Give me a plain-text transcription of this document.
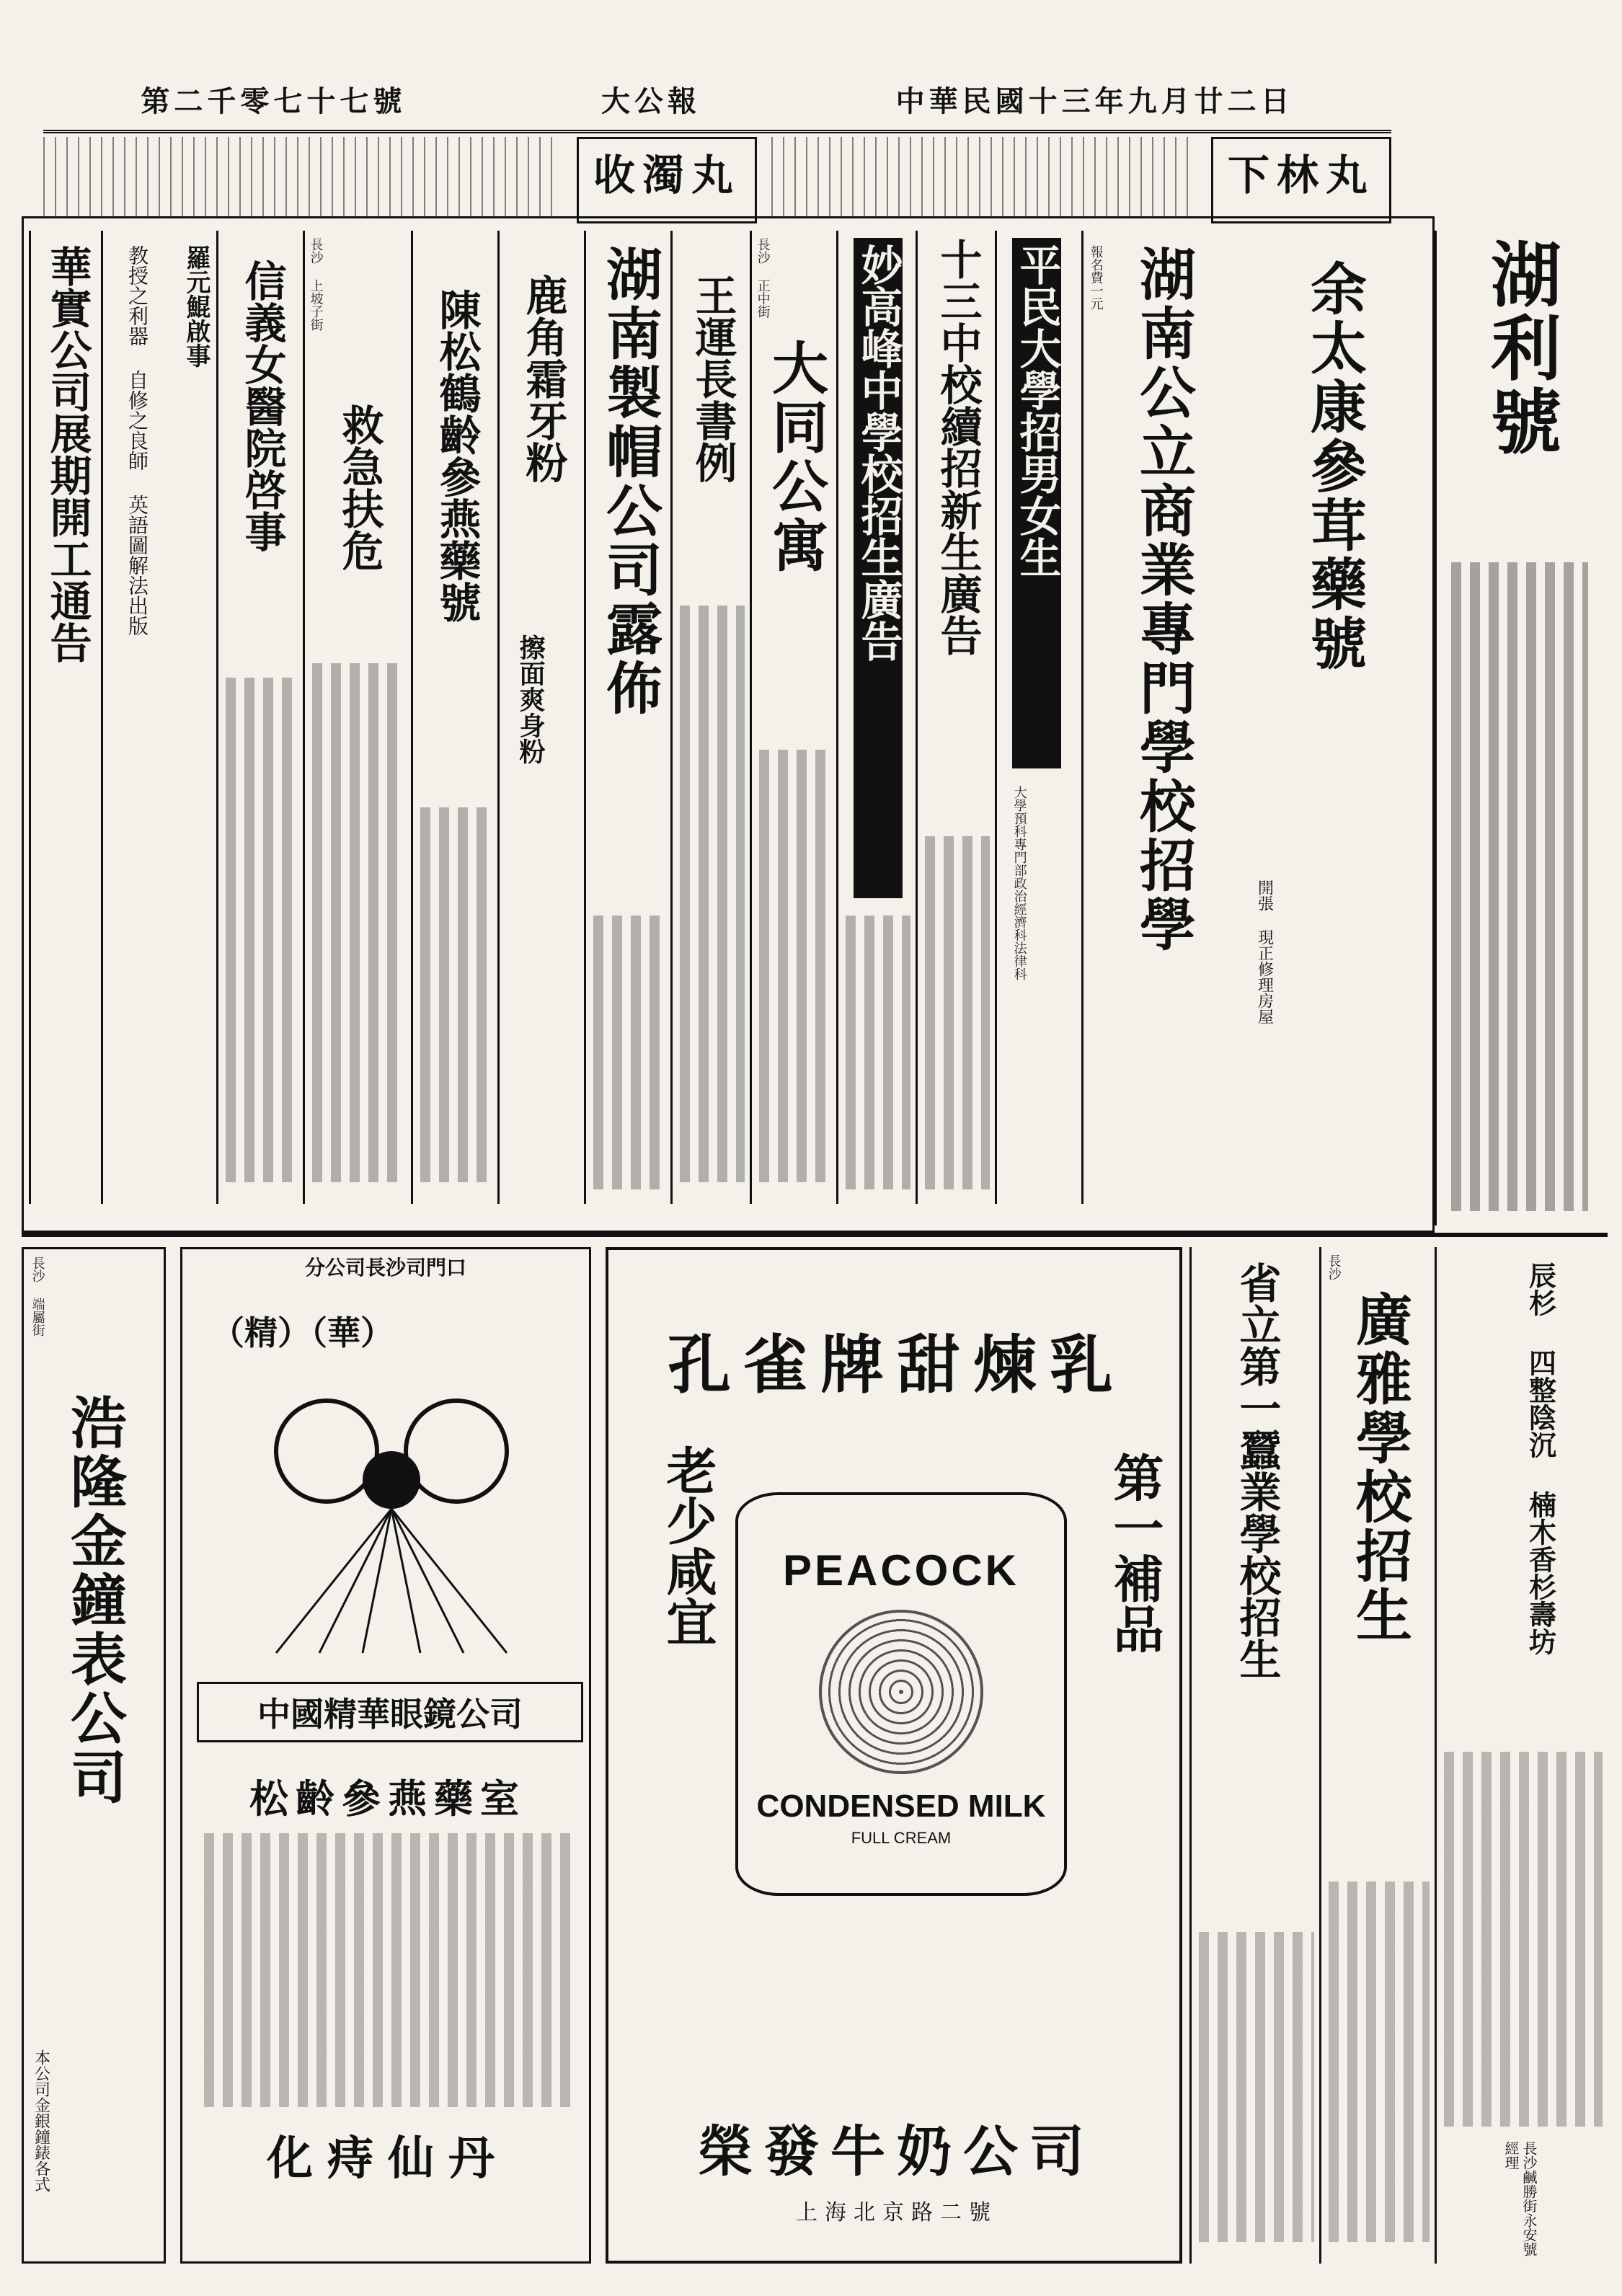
第二千零七十七號	大公報	中華民國十三年九月廿二日
下林丸
收濁丸
湖利號
余太康參茸藥號
開張 現正修理房屋
湖南公立商業專門學校招學
報名費一元
平民大學招男女生
大學預科專門部政治經濟科法律科
十三中校續招新生廣告
妙高峰中學校招生廣告
長沙 正中街
大同公寓
王運長書例
湖南製帽公司露佈
鹿角霜牙粉
擦面爽身粉
陳松鶴齡參燕藥號
長沙 上坡子街
救急扶危
信義女醫院啓事
羅元鯤啟事
教授之利器 自修之良師 英語圖解法出版
華實公司展期開工通告
長沙 端屬街
浩隆金鐘表公司
本公司金銀鐘錶各式
分公司長沙司門口
（精）（華）
中國精華眼鏡公司
松齡參燕藥室
化痔仙丹
孔雀牌甜煉乳
老少咸宜	第一補品
榮發牛奶公司
上海北京路二號
PEACOCK
CONDENSED MILK
FULL CREAM
省立第一蠶業學校招生	長沙
廣雅學校招生	辰杉 四整陰沉 楠木香杉壽坊
長沙鹹勝街永安號經理
